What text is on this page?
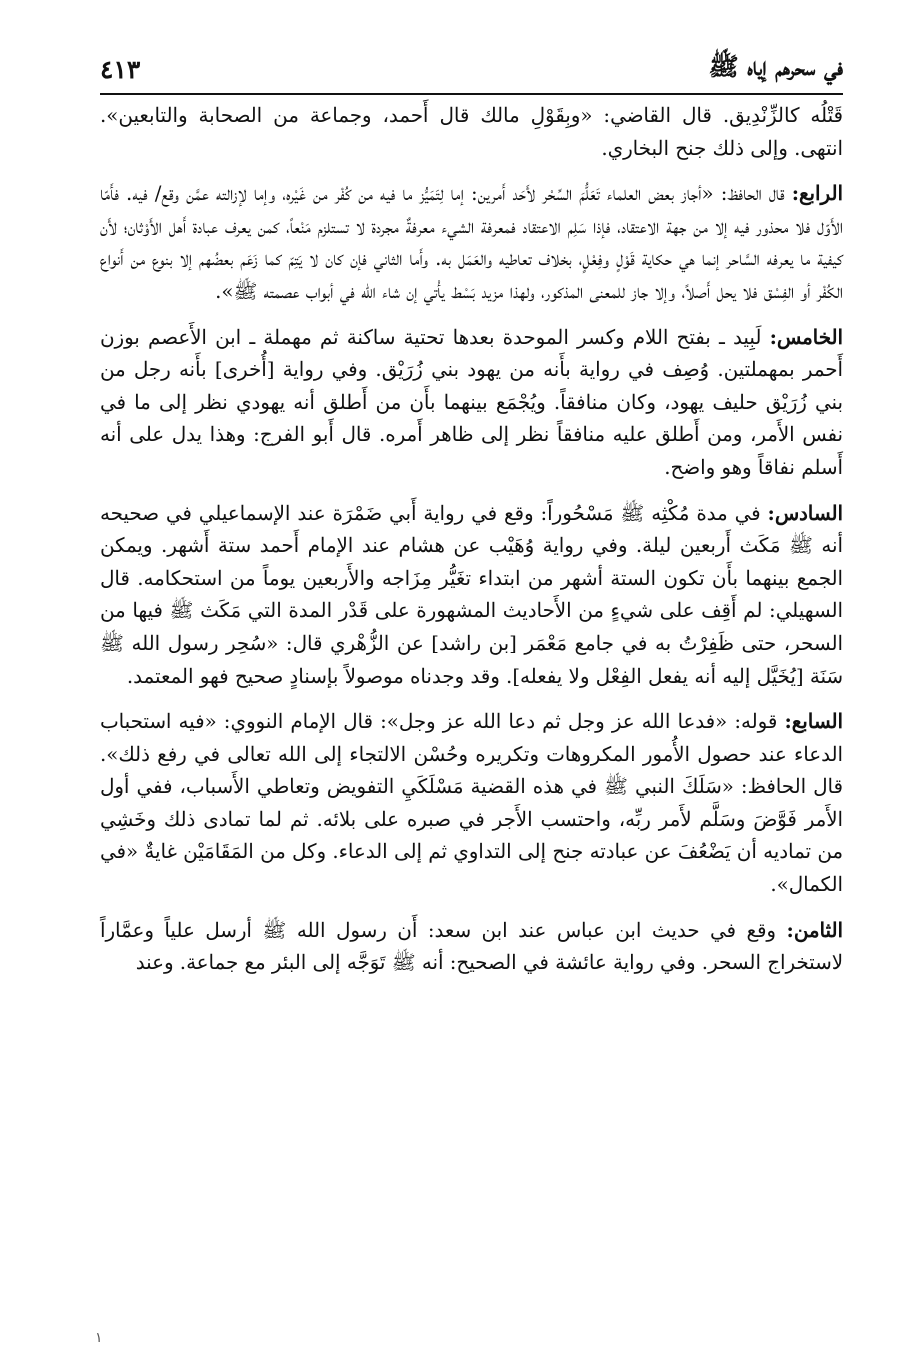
في سحرهم إياه ﷺ
٤١٣

قَتْلُه كالزِّنْدِيق. قال القاضي: «وبِقَوْلِ مالك قال أَحمد، وجماعة من الصحابة والتابعين». انتهى. وإلى ذلك جنح البخاري.

الرابع: قال الحافظ: «أجاز بعض العلماء تَعَلُّمَ السِّحْر لأَحَد أَمرين: إما لِتَمَيُّز ما فيه من كُفْر من غَيْره، وإما لإزالته عمَّن وقع/ فيه. فأَمّا الأَوّل فلا محذور فيه إلا من جهة الاعتقاد، فإذا سَلِم الاعتقاد فمعرفة الشيء معرفةٌ مجردة لا تستلزم مَنْعاً، كمن يعرف عبادة أَهل الأَوْثان؛ لأَن كيفية ما يعرفه السَّاحر إنما هي حكاية قَوْلٍ وفِعْلٍ، بخلاف تعاطيه والعَمَل به. وأَما الثاني فإن كان لا يَتِمّ كما زَعَم بعضُهم إلا بنوع من أَنواع الكُفْر أو الفِسْق فلا يحل أَصلاً، وإلا جاز للمعنى المذكور، ولهذا مزيد بَسْط يأْتي إن شاء الله في أبواب عصمته ﷺ».

الخامس: لَبِيد ـ بفتح اللام وكسر الموحدة بعدها تحتية ساكنة ثم مهملة ـ ابن الأَعصم بوزن أَحمر بمهملتين. وُصِف في رواية بأَنه من يهود بني زُرَيْق. وفي رواية [أُخرى] بأَنه رجل من بني زُرَيْق حليف يهود، وكان منافقاً. ويُجْمَع بينهما بأَن من أَطلق أنه يهودي نظر إلى ما في نفس الأَمر، ومن أَطلق عليه منافقاً نظر إلى ظاهر أَمره. قال أَبو الفرج: وهذا يدل على أنه أَسلم نفاقاً وهو واضح.

السادس: في مدة مُكْثِه ﷺ مَسْحُوراً: وقع في رواية أَبي ضَمْرَة عند الإسماعيلي في صحيحه أنه ﷺ مَكَث أَربعين ليلة. وفي رواية وُهَيْب عن هشام عند الإمام أَحمد ستة أَشهر. ويمكن الجمع بينهما بأَن تكون الستة أشهر من ابتداء تغَيُّر مِزَاجه والأَربعين يوماً من استحكامه. قال السهيلي: لم أَقِف على شيءٍ من الأَحاديث المشهورة على قَدْر المدة التي مَكَث ﷺ فيها من السحر، حتى ظَفِرْتُ به في جامع مَعْمَر [بن راشد] عن الزُّهْري قال: «سُحِر رسول الله ﷺ سَنَة [يُخَيَّل إليه أنه يفعل الفِعْل ولا يفعله]. وقد وجدناه موصولاً بإسنادٍ صحيح فهو المعتمد.

السابع: قوله: «فدعا الله عز وجل ثم دعا الله عز وجل»: قال الإمام النووي: «فيه استحباب الدعاء عند حصول الأُمور المكروهات وتكريره وحُسْن الالتجاء إلى الله تعالى في رفع ذلك». قال الحافظ: «سَلَكَ النبي ﷺ في هذه القضية مَسْلَكَيِ التفويض وتعاطي الأَسباب، ففي أول الأَمر فَوَّضَ وسَلَّم لأَمر ربِّه، واحتسب الأَجر في صبره على بلائه. ثم لما تمادى ذلك وخَشِي من تماديه أن يَضْعُفَ عن عبادته جنح إلى التداوي ثم إلى الدعاء. وكل من المَقَامَيْن غايةٌ «في الكمال».

الثامن: وقع في حديث ابن عباس عند ابن سعد: أَن رسول الله ﷺ أرسل علياً وعمَّاراً لاستخراج السحر. وفي رواية عائشة في الصحيح: أنه ﷺ تَوَجَّه إلى البئر مع جماعة. وعند

١
